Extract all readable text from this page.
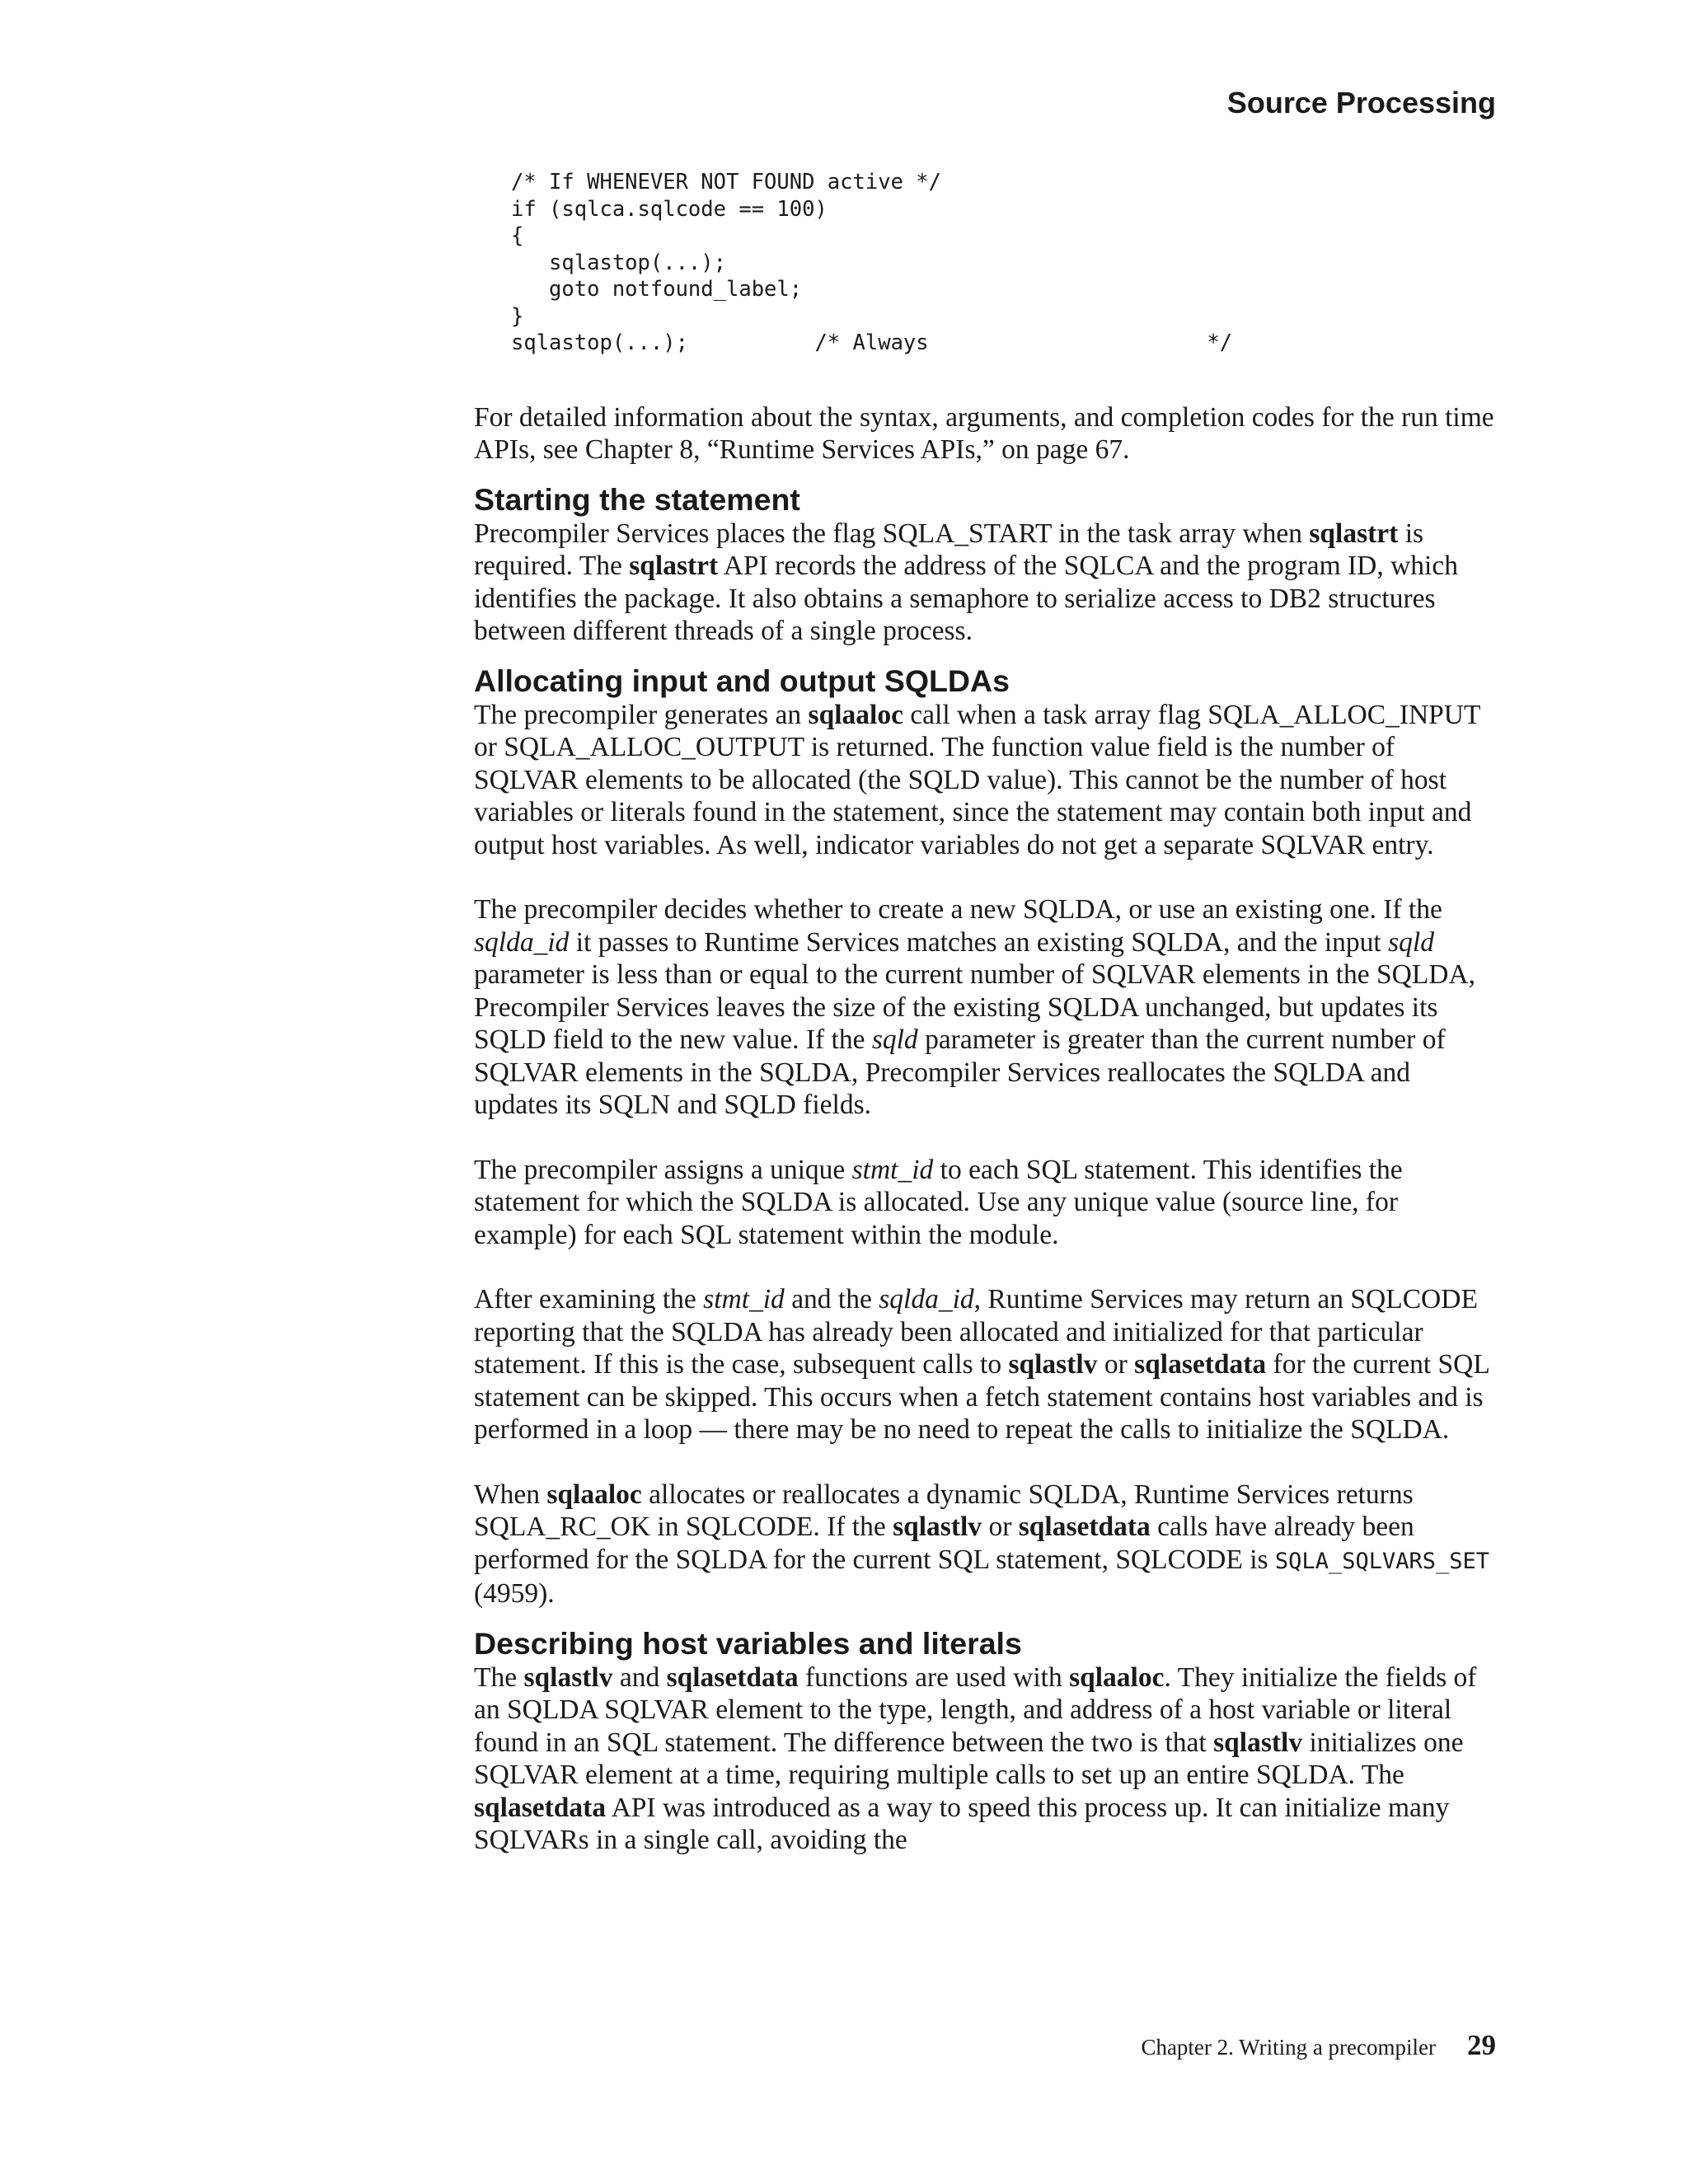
Source Processing
/* If WHENEVER NOT FOUND active */
if (sqlca.sqlcode == 100)
{
sqlastop(...);
goto notfound_label;
}
sqlastop(...);          /* Always                      */

For detailed information about the syntax, arguments, and completion codes for the run time APIs, see Chapter 8, “Runtime Services APIs,” on page 67.

Starting the statement

Precompiler Services places the flag SQLA_START in the task array when sqlastrt is required. The sqlastrt API records the address of the SQLCA and the program ID, which identifies the package. It also obtains a semaphore to serialize access to DB2 structures between different threads of a single process.

Allocating input and output SQLDAs

The precompiler generates an sqlaaloc call when a task array flag SQLA_ALLOC_INPUT or SQLA_ALLOC_OUTPUT is returned. The function value field is the number of SQLVAR elements to be allocated (the SQLD value). This cannot be the number of host variables or literals found in the statement, since the statement may contain both input and output host variables. As well, indicator variables do not get a separate SQLVAR entry.

The precompiler decides whether to create a new SQLDA, or use an existing one. If the sqlda_id it passes to Runtime Services matches an existing SQLDA, and the input sqld parameter is less than or equal to the current number of SQLVAR elements in the SQLDA, Precompiler Services leaves the size of the existing SQLDA unchanged, but updates its SQLD field to the new value. If the sqld parameter is greater than the current number of SQLVAR elements in the SQLDA, Precompiler Services reallocates the SQLDA and updates its SQLN and SQLD fields.

The precompiler assigns a unique stmt_id to each SQL statement. This identifies the statement for which the SQLDA is allocated. Use any unique value (source line, for example) for each SQL statement within the module.

After examining the stmt_id and the sqlda_id, Runtime Services may return an SQLCODE reporting that the SQLDA has already been allocated and initialized for that particular statement. If this is the case, subsequent calls to sqlastlv or sqlasetdata for the current SQL statement can be skipped. This occurs when a fetch statement contains host variables and is performed in a loop — there may be no need to repeat the calls to initialize the SQLDA.

When sqlaaloc allocates or reallocates a dynamic SQLDA, Runtime Services returns SQLA_RC_OK in SQLCODE. If the sqlastlv or sqlasetdata calls have already been performed for the SQLDA for the current SQL statement, SQLCODE is SQLA_SQLVARS_SET (4959).

Describing host variables and literals

The sqlastlv and sqlasetdata functions are used with sqlaaloc. They initialize the fields of an SQLDA SQLVAR element to the type, length, and address of a host variable or literal found in an SQL statement. The difference between the two is that sqlastlv initializes one SQLVAR element at a time, requiring multiple calls to set up an entire SQLDA. The sqlasetdata API was introduced as a way to speed this process up. It can initialize many SQLVARs in a single call, avoiding the

Chapter 2. Writing a precompiler 29
